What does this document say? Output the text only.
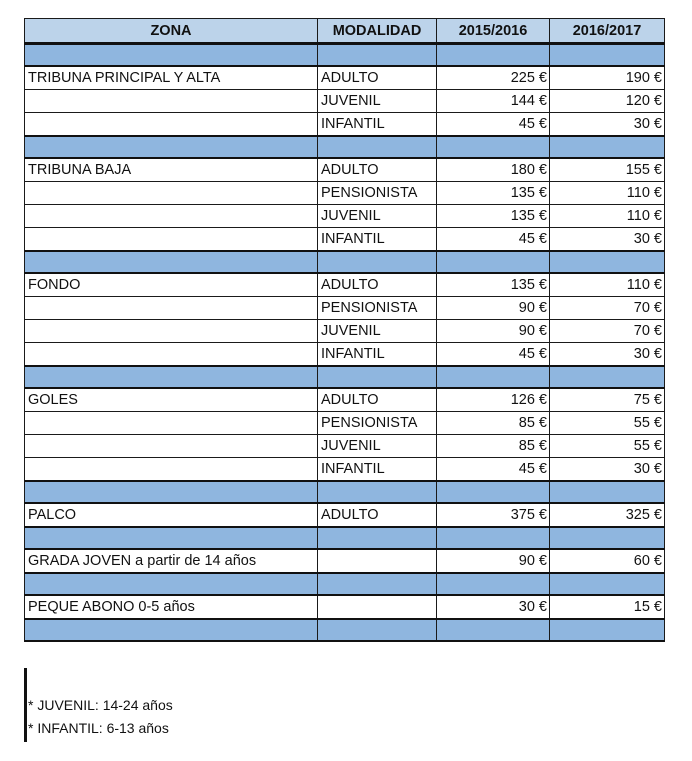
ZONA	MODALIDAD	2015/2016	2016/2017

TRIBUNA PRINCIPAL Y ALTA	ADULTO	225 €	190 €
	JUVENIL	144 €	120 €
	INFANTIL	45 €	30 €

TRIBUNA BAJA	ADULTO	180 €	155 €
	PENSIONISTA	135 €	110 €
	JUVENIL	135 €	110 €
	INFANTIL	45 €	30 €

FONDO	ADULTO	135 €	110 €
	PENSIONISTA	90 €	70 €
	JUVENIL	90 €	70 €
	INFANTIL	45 €	30 €

GOLES	ADULTO	126 €	75 €
	PENSIONISTA	85 €	55 €
	JUVENIL	85 €	55 €
	INFANTIL	45 €	30 €

PALCO	ADULTO	375 €	325 €

GRADA JOVEN a partir de 14 años		90 €	60 €

PEQUE ABONO 0-5 años		30 €	15 €

* JUVENIL: 14-24 años
* INFANTIL: 6-13 años
